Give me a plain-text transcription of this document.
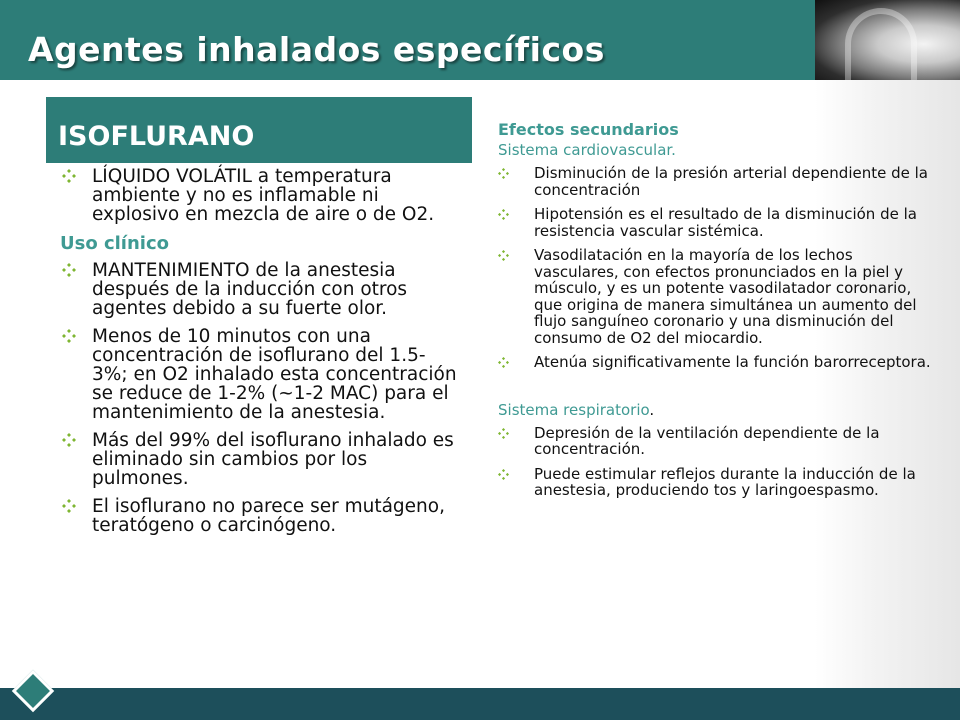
Agentes inhalados específicos
ISOFLURANO
LÍQUIDO VOLÁTIL a temperatura ambiente y no es inflamable ni explosivo en mezcla de aire o de O2.
Uso clínico
MANTENIMIENTO de la anestesia después de la inducción con otros agentes debido a su fuerte olor.
Menos de 10 minutos con una concentración de isoflurano del 1.5-3%; en O2 inhalado esta concentración se reduce de 1-2% (~1-2 MAC) para el mantenimiento de la anestesia.
Más del 99% del isoflurano inhalado es eliminado sin cambios por los pulmones.
El isoflurano no parece ser mutágeno, teratógeno o carcinógeno.
Efectos secundarios
Sistema cardiovascular.
Disminución de la presión arterial dependiente de la concentración
Hipotensión es el resultado de la disminución de la resistencia vascular sistémica.
Vasodilatación en la mayoría de los lechos vasculares, con efectos pronunciados en la piel y músculo, y es un potente vasodilatador coronario, que origina de manera simultánea un aumento del flujo sanguíneo coronario y una disminución del consumo de O2 del miocardio.
Atenúa significativamente la función barorreceptora.
Sistema respiratorio.
Depresión de la ventilación dependiente de la concentración.
Puede estimular reflejos durante la inducción de la anestesia, produciendo tos y laringoespasmo.
